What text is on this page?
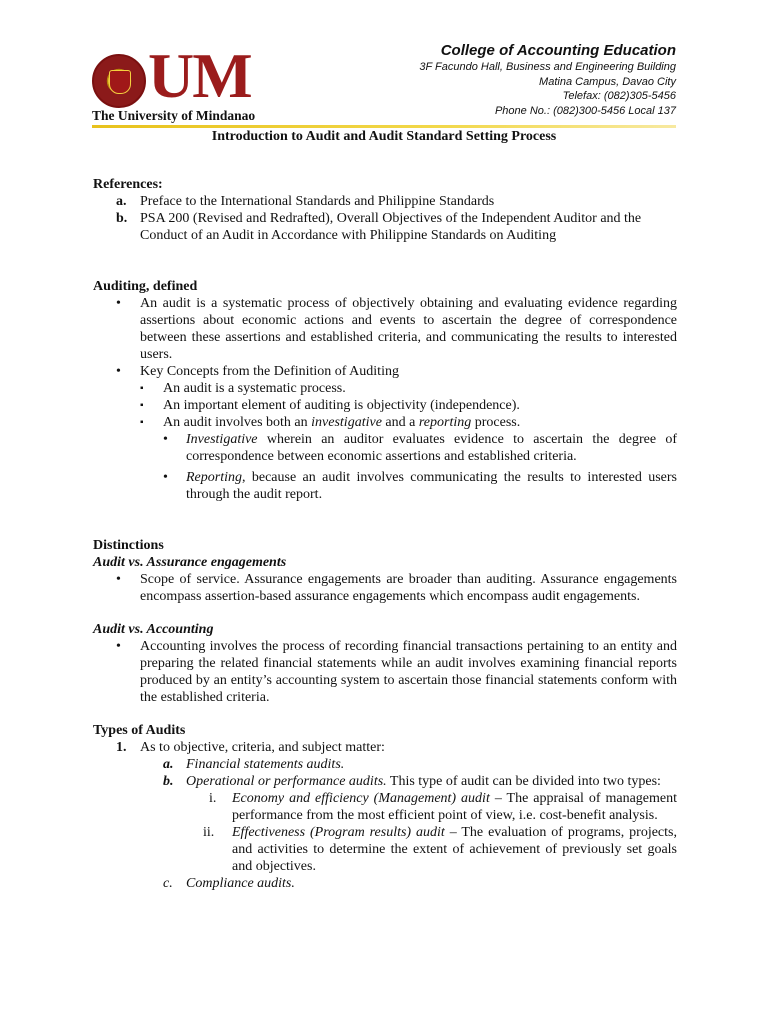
UM
The University of Mindanao
College of Accounting Education
3F Facundo Hall, Business and Engineering Building
Matina Campus, Davao City
Telefax: (082)305-5456
Phone No.: (082)300-5456 Local 137
Introduction to Audit and Audit Standard Setting Process
References:
a. Preface to the International Standards and Philippine Standards
b. PSA 200 (Revised and Redrafted), Overall Objectives of the Independent Auditor and the Conduct of an Audit in Accordance with Philippine Standards on Auditing
Auditing, defined
• An audit is a systematic process of objectively obtaining and evaluating evidence regarding assertions about economic actions and events to ascertain the degree of correspondence between these assertions and established criteria, and communicating the results to interested users.
• Key Concepts from the Definition of Auditing
▪ An audit is a systematic process.
▪ An important element of auditing is objectivity (independence).
▪ An audit involves both an investigative and a reporting process.
• Investigative wherein an auditor evaluates evidence to ascertain the degree of correspondence between economic assertions and established criteria.
• Reporting, because an audit involves communicating the results to interested users through the audit report.
Distinctions
Audit vs. Assurance engagements
• Scope of service. Assurance engagements are broader than auditing. Assurance engagements encompass assertion-based assurance engagements which encompass audit engagements.
Audit vs. Accounting
• Accounting involves the process of recording financial transactions pertaining to an entity and preparing the related financial statements while an audit involves examining financial reports produced by an entity’s accounting system to ascertain those financial statements conform with the established criteria.
Types of Audits
1. As to objective, criteria, and subject matter:
a. Financial statements audits.
b. Operational or performance audits. This type of audit can be divided into two types:
i. Economy and efficiency (Management) audit – The appraisal of management performance from the most efficient point of view, i.e. cost-benefit analysis.
ii. Effectiveness (Program results) audit – The evaluation of programs, projects, and activities to determine the extent of achievement of previously set goals and objectives.
c. Compliance audits.
